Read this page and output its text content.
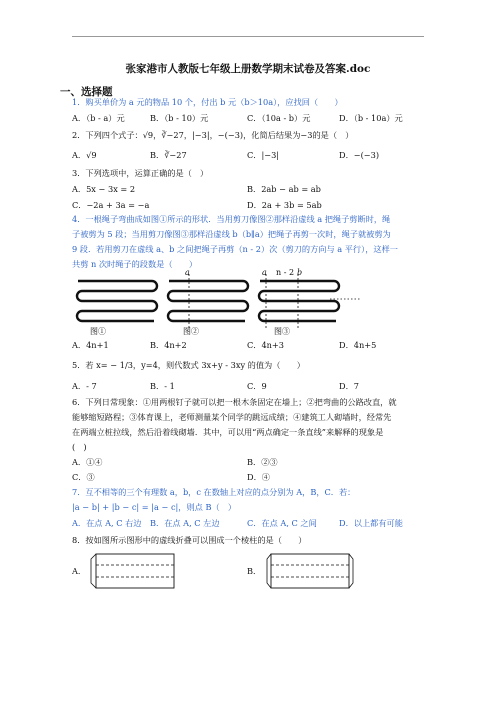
张家港市人教版七年级上册数学期末试卷及答案.doc
一、选择题
1．购买单价为 a 元的物品 10 个，付出 b 元（b＞10a），应找回（　　）
A．（b - a）元	B．（b - 10）元	C．（10a - b）元	D．（b - 10a）元
2．下列四个式子：√9，∛−27，|−3|，−(−3)，化简后结果为−3的是（　）
A．√9	B．∛−27	C．|−3|	D．−(−3)
3．下列选项中，运算正确的是（　）
A．5x − 3x = 2	B．2ab − ab = ab
C．−2a + 3a = −a	D．2a + 3b = 5ab
4．一根绳子弯曲成如图①所示的形状．当用剪刀像图②那样沿虚线 a 把绳子剪断时，绳
子被剪为 5 段；当用剪刀像图③那样沿虚线 b（b∥a）把绳子再剪一次时，绳子就被剪为
9 段．若用剪刀在虚线 a、b 之间把绳子再剪（n - 2）次（剪刀的方向与 a 平行），这样一
共剪 n 次时绳子的段数是（　　）
图①
a
图②
a n - 2 b
图③
A．4n+1	B．4n+2	C．4n+3	D．4n+5
5．若 x= − 1/3，y=4，则代数式 3x+y - 3xy 的值为（　　）
A．- 7	B．- 1	C．9	D．7
6．下列日常现象：①用两根钉子就可以把一根木条固定在墙上；②把弯曲的公路改直，就
能够缩短路程；③体育课上，老师测量某个同学的跳远成绩；④建筑工人砌墙时，经常先
在两端立桩拉线，然后沿着线砌墙．其中，可以用“两点确定一条直线”来解释的现象是
(　)
A．①④	B．②③
C．③	D．④
7．互不相等的三个有理数 a，b，c 在数轴上对应的点分别为 A，B，C．若：
|a − b| + |b − c| = |a − c|，则点 B（　）
A．在点 A, C 右边 B．在点 A, C 左边	C．在点 A, C 之间	D．以上都有可能
8．按如图所示图形中的虚线折叠可以围成一个棱柱的是（　　）
A．	B．
